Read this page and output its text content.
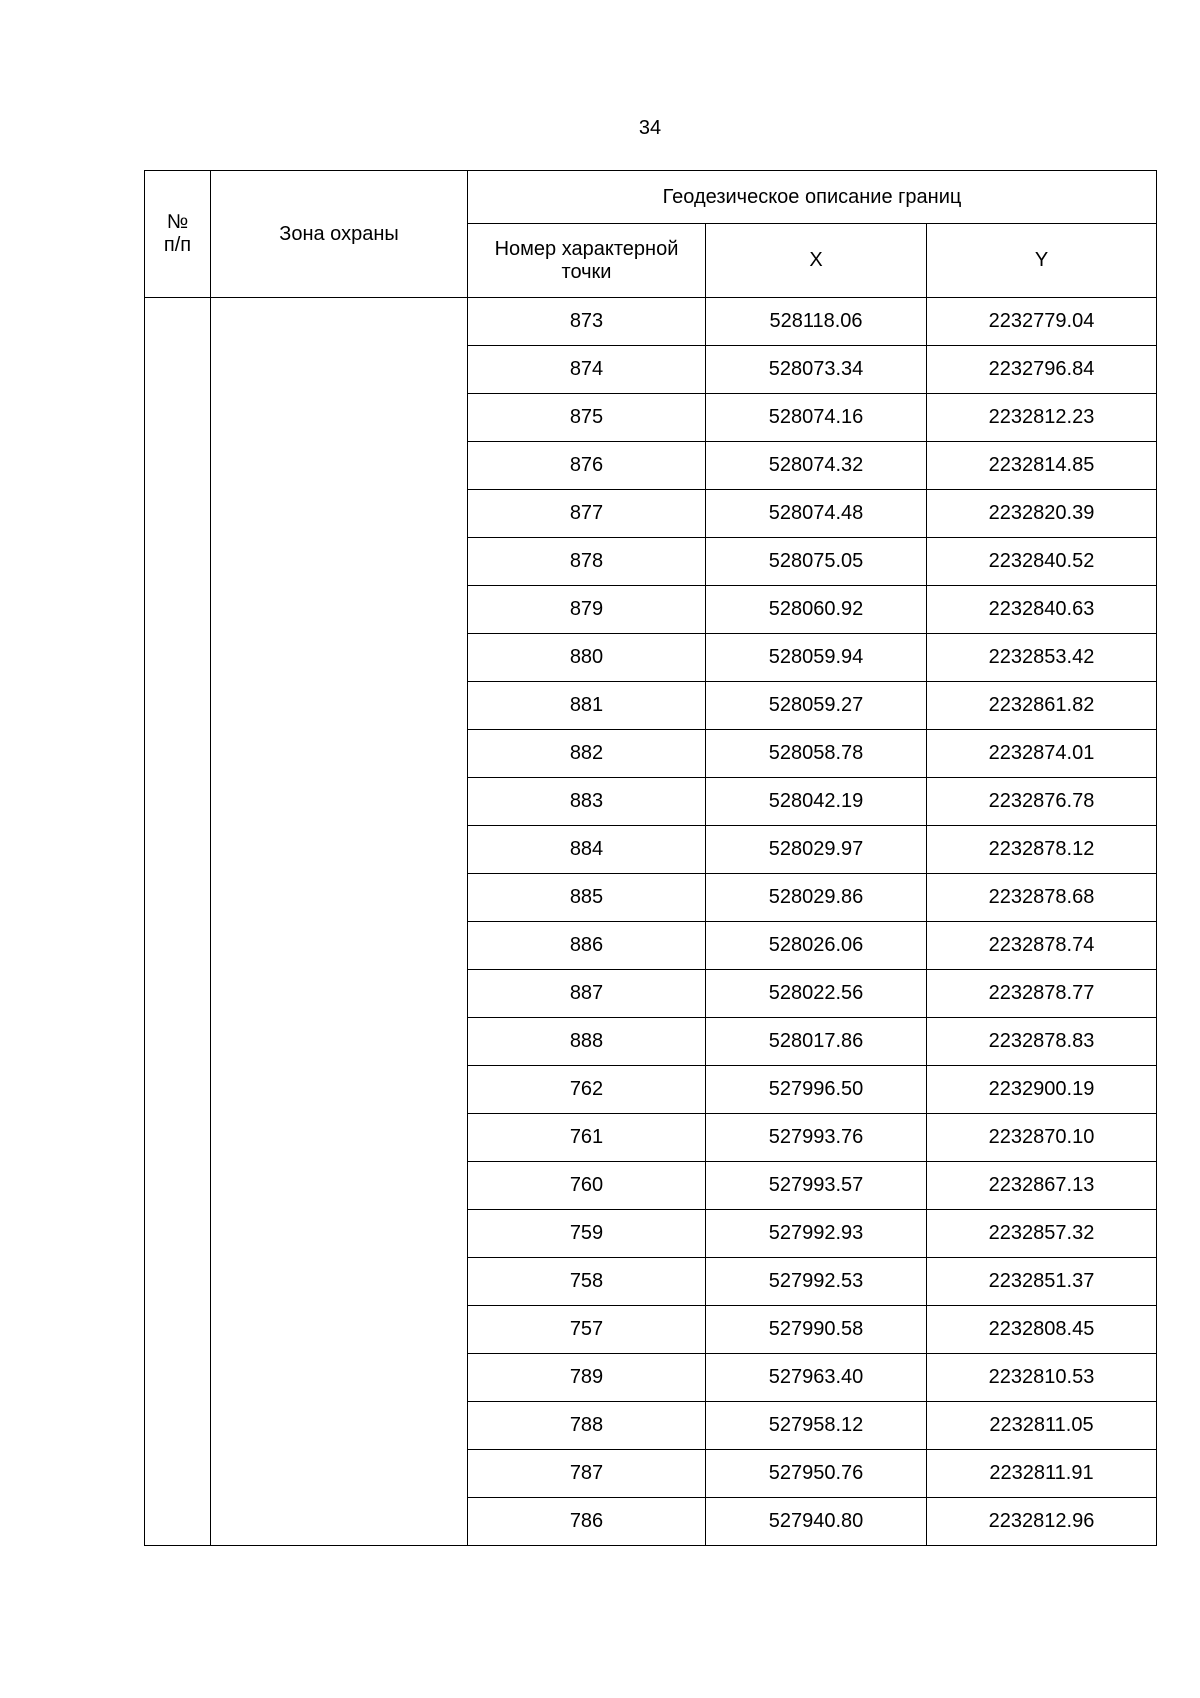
34
№
п/п	Зона охраны	Геодезическое описание границ		
		Номер характерной точки	X	Y
		873	528118.06	2232779.04
		874	528073.34	2232796.84
		875	528074.16	2232812.23
		876	528074.32	2232814.85
		877	528074.48	2232820.39
		878	528075.05	2232840.52
		879	528060.92	2232840.63
		880	528059.94	2232853.42
		881	528059.27	2232861.82
		882	528058.78	2232874.01
		883	528042.19	2232876.78
		884	528029.97	2232878.12
		885	528029.86	2232878.68
		886	528026.06	2232878.74
		887	528022.56	2232878.77
		888	528017.86	2232878.83
		762	527996.50	2232900.19
		761	527993.76	2232870.10
		760	527993.57	2232867.13
		759	527992.93	2232857.32
		758	527992.53	2232851.37
		757	527990.58	2232808.45
		789	527963.40	2232810.53
		788	527958.12	2232811.05
		787	527950.76	2232811.91
		786	527940.80	2232812.96
